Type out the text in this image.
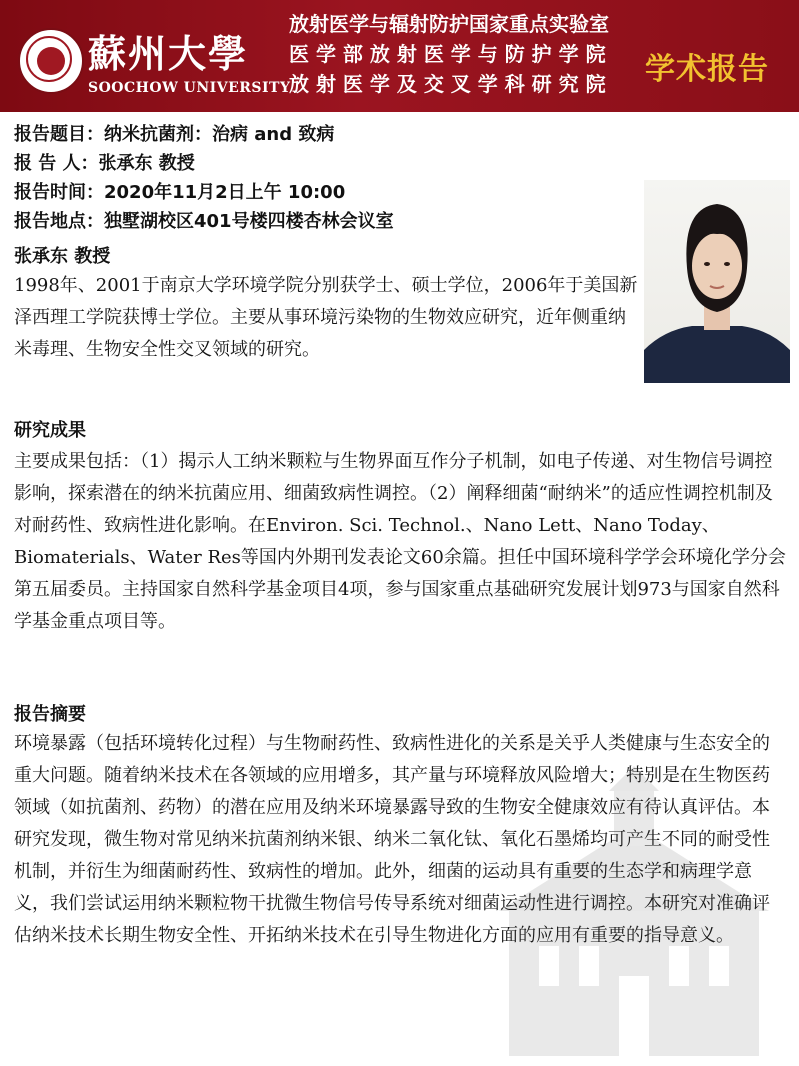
蘇州大學
SOOCHOW UNIVERSITY
放射医学与辐射防护国家重点实验室
医 学 部 放 射 医 学 与 防 护 学 院
放 射 医 学 及 交 叉 学 科 研 究 院	学术报告
报告题目：纳米抗菌剂：治病 and 致病
报 告 人：张承东 教授
报告时间：2020年11月2日上午 10:00
报告地点：独墅湖校区401号楼四楼杏林会议室
张承东 教授

1998年、2001于南京大学环境学院分别获学士、硕士学位，2006年于美国新泽西理工学院获博士学位。主要从事环境污染物的生物效应研究，近年侧重纳米毒理、生物安全性交叉领域的研究。

研究成果

主要成果包括：（1）揭示人工纳米颗粒与生物界面互作分子机制，如电子传递、对生物信号调控影响，探索潜在的纳米抗菌应用、细菌致病性调控。（2）阐释细菌“耐纳米”的适应性调控机制及对耐药性、致病性进化影响。在Environ. Sci. Technol.、Nano Lett、Nano Today、Biomaterials、Water Res等国内外期刊发表论文60余篇。担任中国环境科学学会环境化学分会第五届委员。主持国家自然科学基金项目4项，参与国家重点基础研究发展计划973与国家自然科学基金重点项目等。

报告摘要

环境暴露（包括环境转化过程）与生物耐药性、致病性进化的关系是关乎人类健康与生态安全的重大问题。随着纳米技术在各领域的应用增多，其产量与环境释放风险增大；特别是在生物医药领域（如抗菌剂、药物）的潜在应用及纳米环境暴露导致的生物安全健康效应有待认真评估。本研究发现，微生物对常见纳米抗菌剂纳米银、纳米二氧化钛、氧化石墨烯均可产生不同的耐受性机制，并衍生为细菌耐药性、致病性的增加。此外，细菌的运动具有重要的生态学和病理学意义，我们尝试运用纳米颗粒物干扰微生物信号传导系统对细菌运动性进行调控。本研究对准确评估纳米技术长期生物安全性、开拓纳米技术在引导生物进化方面的应用有重要的指导意义。
